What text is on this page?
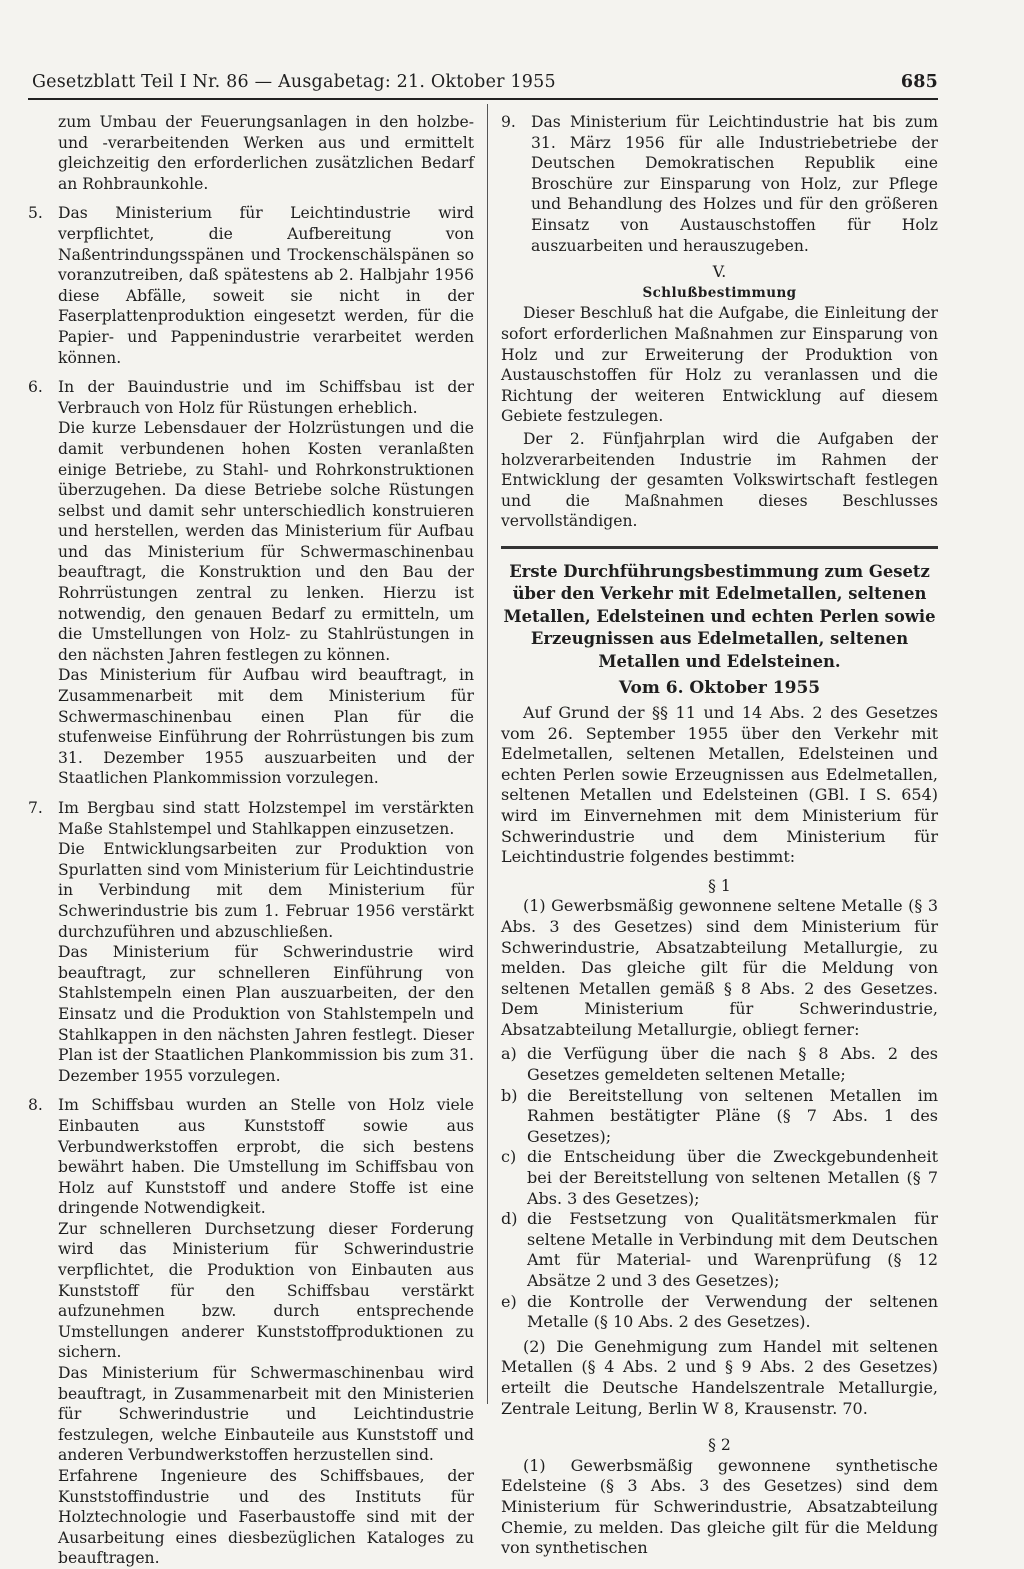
Gesetzblatt Teil I Nr. 86 — Ausgabetag: 21. Oktober 1955	685

zum Umbau der Feuerungsanlagen in den holzbe- und -verarbeitenden Werken aus und ermittelt gleichzeitig den erforderlichen zusätzlichen Bedarf an Rohbraunkohle.

5. Das Ministerium für Leichtindustrie wird verpflichtet, die Aufbereitung von Naßentrindungsspänen und Trockenschälspänen so voranzutreiben, daß spätestens ab 2. Halbjahr 1956 diese Abfälle, soweit sie nicht in der Faserplattenproduktion eingesetzt werden, für die Papier- und Pappenindustrie verarbeitet werden können.

6. In der Bauindustrie und im Schiffsbau ist der Verbrauch von Holz für Rüstungen erheblich.

Die kurze Lebensdauer der Holzrüstungen und die damit verbundenen hohen Kosten veranlaßten einige Betriebe, zu Stahl- und Rohrkonstruktionen überzugehen. Da diese Betriebe solche Rüstungen selbst und damit sehr unterschiedlich konstruieren und herstellen, werden das Ministerium für Aufbau und das Ministerium für Schwermaschinenbau beauftragt, die Konstruktion und den Bau der Rohrrüstungen zentral zu lenken. Hierzu ist notwendig, den genauen Bedarf zu ermitteln, um die Umstellungen von Holz- zu Stahlrüstungen in den nächsten Jahren festlegen zu können.

Das Ministerium für Aufbau wird beauftragt, in Zusammenarbeit mit dem Ministerium für Schwermaschinenbau einen Plan für die stufenweise Einführung der Rohrrüstungen bis zum 31. Dezember 1955 auszuarbeiten und der Staatlichen Plankommission vorzulegen.

7. Im Bergbau sind statt Holzstempel im verstärkten Maße Stahlstempel und Stahlkappen einzusetzen.

Die Entwicklungsarbeiten zur Produktion von Spurlatten sind vom Ministerium für Leichtindustrie in Verbindung mit dem Ministerium für Schwerindustrie bis zum 1. Februar 1956 verstärkt durchzuführen und abzuschließen.

Das Ministerium für Schwerindustrie wird beauftragt, zur schnelleren Einführung von Stahlstempeln einen Plan auszuarbeiten, der den Einsatz und die Produktion von Stahlstempeln und Stahlkappen in den nächsten Jahren festlegt. Dieser Plan ist der Staatlichen Plankommission bis zum 31. Dezember 1955 vorzulegen.

8. Im Schiffsbau wurden an Stelle von Holz viele Einbauten aus Kunststoff sowie aus Verbundwerkstoffen erprobt, die sich bestens bewährt haben. Die Umstellung im Schiffsbau von Holz auf Kunststoff und andere Stoffe ist eine dringende Notwendigkeit.

Zur schnelleren Durchsetzung dieser Forderung wird das Ministerium für Schwerindustrie verpflichtet, die Produktion von Einbauten aus Kunststoff für den Schiffsbau verstärkt aufzunehmen bzw. durch entsprechende Umstellungen anderer Kunststoffproduktionen zu sichern.

Das Ministerium für Schwermaschinenbau wird beauftragt, in Zusammenarbeit mit den Ministerien für Schwerindustrie und Leichtindustrie festzulegen, welche Einbauteile aus Kunststoff und anderen Verbundwerkstoffen herzustellen sind.

Erfahrene Ingenieure des Schiffsbaues, der Kunststoffindustrie und des Instituts für Holztechnologie und Faserbaustoffe sind mit der Ausarbeitung eines diesbezüglichen Kataloges zu beauftragen.

9. Das Ministerium für Leichtindustrie hat bis zum 31. März 1956 für alle Industriebetriebe der Deutschen Demokratischen Republik eine Broschüre zur Einsparung von Holz, zur Pflege und Behandlung des Holzes und für den größeren Einsatz von Austauschstoffen für Holz auszuarbeiten und herauszugeben.

V.

Schlußbestimmung

Dieser Beschluß hat die Aufgabe, die Einleitung der sofort erforderlichen Maßnahmen zur Einsparung von Holz und zur Erweiterung der Produktion von Austauschstoffen für Holz zu veranlassen und die Richtung der weiteren Entwicklung auf diesem Gebiete festzulegen.

Der 2. Fünfjahrplan wird die Aufgaben der holzverarbeitenden Industrie im Rahmen der Entwicklung der gesamten Volkswirtschaft festlegen und die Maßnahmen dieses Beschlusses vervollständigen.

Erste Durchführungsbestimmung zum Gesetz über den Verkehr mit Edelmetallen, seltenen Metallen, Edelsteinen und echten Perlen sowie Erzeugnissen aus Edelmetallen, seltenen Metallen und Edelsteinen.

Vom 6. Oktober 1955

Auf Grund der §§ 11 und 14 Abs. 2 des Gesetzes vom 26. September 1955 über den Verkehr mit Edelmetallen, seltenen Metallen, Edelsteinen und echten Perlen sowie Erzeugnissen aus Edelmetallen, seltenen Metallen und Edelsteinen (GBl. I S. 654) wird im Einvernehmen mit dem Ministerium für Schwerindustrie und dem Ministerium für Leichtindustrie folgendes bestimmt:

§ 1

(1) Gewerbsmäßig gewonnene seltene Metalle (§ 3 Abs. 3 des Gesetzes) sind dem Ministerium für Schwerindustrie, Absatzabteilung Metallurgie, zu melden. Das gleiche gilt für die Meldung von seltenen Metallen gemäß § 8 Abs. 2 des Gesetzes. Dem Ministerium für Schwerindustrie, Absatzabteilung Metallurgie, obliegt ferner:

a) die Verfügung über die nach § 8 Abs. 2 des Gesetzes gemeldeten seltenen Metalle;

b) die Bereitstellung von seltenen Metallen im Rahmen bestätigter Pläne (§ 7 Abs. 1 des Gesetzes);

c) die Entscheidung über die Zweckgebundenheit bei der Bereitstellung von seltenen Metallen (§ 7 Abs. 3 des Gesetzes);

d) die Festsetzung von Qualitätsmerkmalen für seltene Metalle in Verbindung mit dem Deutschen Amt für Material- und Warenprüfung (§ 12 Absätze 2 und 3 des Gesetzes);

e) die Kontrolle der Verwendung der seltenen Metalle (§ 10 Abs. 2 des Gesetzes).

(2) Die Genehmigung zum Handel mit seltenen Metallen (§ 4 Abs. 2 und § 9 Abs. 2 des Gesetzes) erteilt die Deutsche Handelszentrale Metallurgie, Zentrale Leitung, Berlin W 8, Krausenstr. 70.

§ 2

(1) Gewerbsmäßig gewonnene synthetische Edelsteine (§ 3 Abs. 3 des Gesetzes) sind dem Ministerium für Schwerindustrie, Absatzabteilung Chemie, zu melden. Das gleiche gilt für die Meldung von synthetischen
